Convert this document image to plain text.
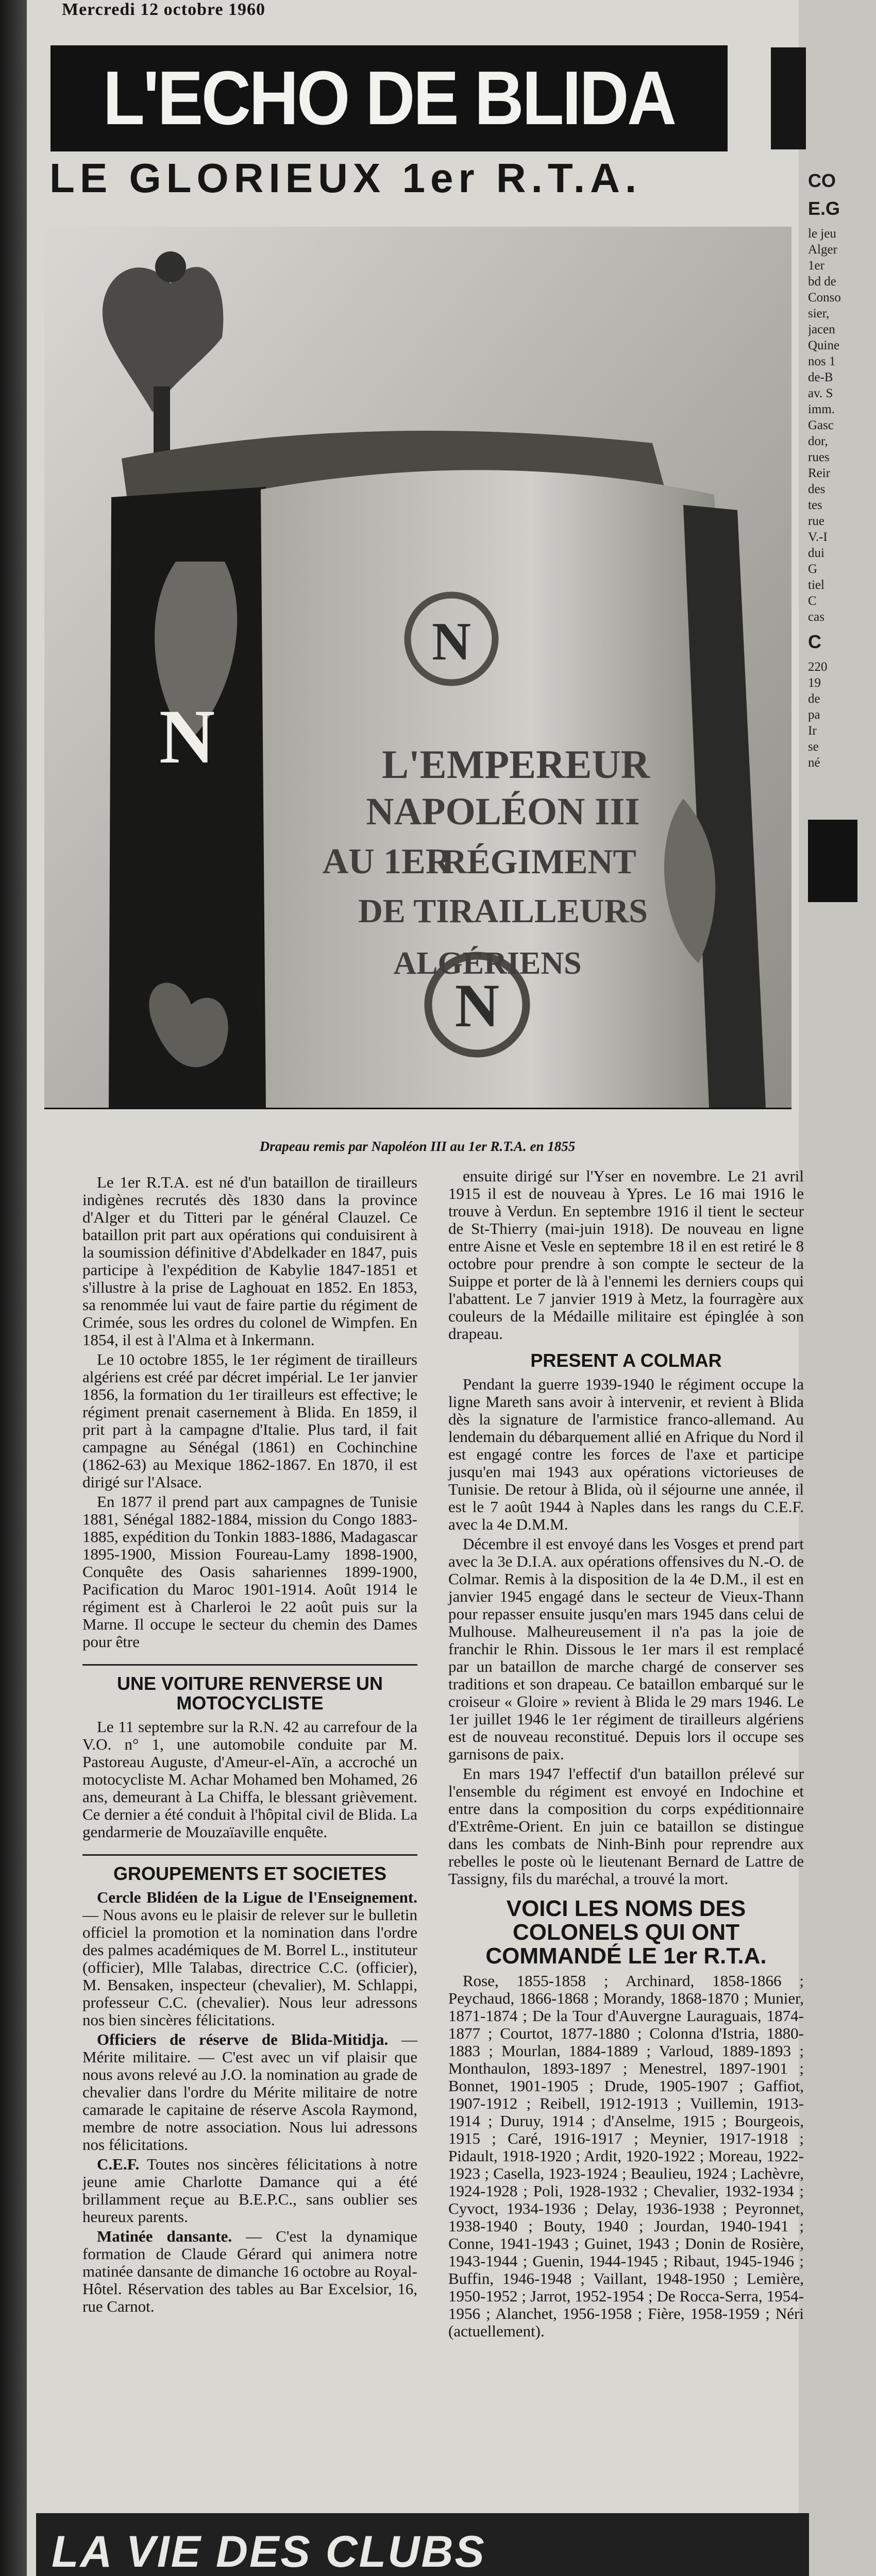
Mercredi 12 octobre 1960
L'ECHO DE BLIDA
LE GLORIEUX 1er R.T.A.
N
N
N
L'EMPEREUR
NAPOLÉON III
AU 1ER
RÉGIMENT
DE TIRAILLEURS
ALGÉRIENS
Drapeau remis par Napoléon III au 1er R.T.A. en 1855

Le 1er R.T.A. est né d'un bataillon de tirailleurs indigènes recrutés dès 1830 dans la province d'Alger et du Titteri par le général Clauzel. Ce bataillon prit part aux opérations qui conduisirent à la soumission définitive d'Abdelkader en 1847, puis participe à l'expédition de Kabylie 1847-1851 et s'illustre à la prise de Laghouat en 1852. En 1853, sa renommée lui vaut de faire partie du régiment de Crimée, sous les ordres du colonel de Wimpfen. En 1854, il est à l'Alma et à Inkermann.

Le 10 octobre 1855, le 1er régiment de tirailleurs algériens est créé par décret impérial. Le 1er janvier 1856, la formation du 1er tirailleurs est effective; le régiment prenait casernement à Blida. En 1859, il prit part à la campagne d'Italie. Plus tard, il fait campagne au Sénégal (1861) en Cochinchine (1862-63) au Mexique 1862-1867. En 1870, il est dirigé sur l'Alsace.

En 1877 il prend part aux campagnes de Tunisie 1881, Sénégal 1882-1884, mission du Congo 1883-1885, expédition du Tonkin 1883-1886, Madagascar 1895-1900, Mission Foureau-Lamy 1898-1900, Conquête des Oasis sahariennes 1899-1900, Pacification du Maroc 1901-1914. Août 1914 le régiment est à Charleroi le 22 août puis sur la Marne. Il occupe le secteur du chemin des Dames pour être

UNE VOITURE RENVERSE UN MOTOCYCLISTE

Le 11 septembre sur la R.N. 42 au carrefour de la V.O. n° 1, une automobile conduite par M. Pastoreau Auguste, d'Ameur-el-Aïn, a accroché un motocycliste M. Achar Mohamed ben Mohamed, 26 ans, demeurant à La Chiffa, le blessant grièvement. Ce dernier a été conduit à l'hôpital civil de Blida. La gendarmerie de Mouzaïaville enquête.

GROUPEMENTS ET SOCIETES

Cercle Blidéen de la Ligue de l'Enseignement. — Nous avons eu le plaisir de relever sur le bulletin officiel la promotion et la nomination dans l'ordre des palmes académiques de M. Borrel L., instituteur (officier), Mlle Talabas, directrice C.C. (officier), M. Bensaken, inspecteur (chevalier), M. Schlappi, professeur C.C. (chevalier). Nous leur adressons nos bien sincères félicitations.

Officiers de réserve de Blida-Mitidja. — Mérite militaire. — C'est avec un vif plaisir que nous avons relevé au J.O. la nomination au grade de chevalier dans l'ordre du Mérite militaire de notre camarade le capitaine de réserve Ascola Raymond, membre de notre association. Nous lui adressons nos félicitations.

C.E.F. Toutes nos sincères félicitations à notre jeune amie Charlotte Damance qui a été brillamment reçue au B.E.P.C., sans oublier ses heureux parents.

Matinée dansante. — C'est la dynamique formation de Claude Gérard qui animera notre matinée dansante de dimanche 16 octobre au Royal-Hôtel. Réservation des tables au Bar Excelsior, 16, rue Carnot.

ensuite dirigé sur l'Yser en novembre. Le 21 avril 1915 il est de nouveau à Ypres. Le 16 mai 1916 le trouve à Verdun. En septembre 1916 il tient le secteur de St-Thierry (mai-juin 1918). De nouveau en ligne entre Aisne et Vesle en septembre 18 il en est retiré le 8 octobre pour prendre à son compte le secteur de la Suippe et porter de là à l'ennemi les derniers coups qui l'abattent. Le 7 janvier 1919 à Metz, la fourragère aux couleurs de la Médaille militaire est épinglée à son drapeau.

PRESENT A COLMAR

Pendant la guerre 1939-1940 le régiment occupe la ligne Mareth sans avoir à intervenir, et revient à Blida dès la signature de l'armistice franco-allemand. Au lendemain du débarquement allié en Afrique du Nord il est engagé contre les forces de l'axe et participe jusqu'en mai 1943 aux opérations victorieuses de Tunisie. De retour à Blida, où il séjourne une année, il est le 7 août 1944 à Naples dans les rangs du C.E.F. avec la 4e D.M.M.

Décembre il est envoyé dans les Vosges et prend part avec la 3e D.I.A. aux opérations offensives du N.-O. de Colmar. Remis à la disposition de la 4e D.M., il est en janvier 1945 engagé dans le secteur de Vieux-Thann pour repasser ensuite jusqu'en mars 1945 dans celui de Mulhouse. Malheureusement il n'a pas la joie de franchir le Rhin. Dissous le 1er mars il est remplacé par un bataillon de marche chargé de conserver ses traditions et son drapeau. Ce bataillon embarqué sur le croiseur « Gloire » revient à Blida le 29 mars 1946. Le 1er juillet 1946 le 1er régiment de tirailleurs algériens est de nouveau reconstitué. Depuis lors il occupe ses garnisons de paix.

En mars 1947 l'effectif d'un bataillon prélevé sur l'ensemble du régiment est envoyé en Indochine et entre dans la composition du corps expéditionnaire d'Extrême-Orient. En juin ce bataillon se distingue dans les combats de Ninh-Binh pour reprendre aux rebelles le poste où le lieutenant Bernard de Lattre de Tassigny, fils du maréchal, a trouvé la mort.

VOICI LES NOMS DES COLONELS QUI ONT COMMANDÉ LE 1er R.T.A.

Rose, 1855-1858 ; Archinard, 1858-1866 ; Peychaud, 1866-1868 ; Morandy, 1868-1870 ; Munier, 1871-1874 ; De la Tour d'Auvergne Lauraguais, 1874-1877 ; Courtot, 1877-1880 ; Colonna d'Istria, 1880-1883 ; Mourlan, 1884-1889 ; Varloud, 1889-1893 ; Monthaulon, 1893-1897 ; Menestrel, 1897-1901 ; Bonnet, 1901-1905 ; Drude, 1905-1907 ; Gaffiot, 1907-1912 ; Reibell, 1912-1913 ; Vuillemin, 1913-1914 ; Duruy, 1914 ; d'Anselme, 1915 ; Bourgeois, 1915 ; Caré, 1916-1917 ; Meynier, 1917-1918 ; Pidault, 1918-1920 ; Ardit, 1920-1922 ; Moreau, 1922-1923 ; Casella, 1923-1924 ; Beaulieu, 1924 ; Lachèvre, 1924-1928 ; Poli, 1928-1932 ; Chevalier, 1932-1934 ; Cyvoct, 1934-1936 ; Delay, 1936-1938 ; Peyronnet, 1938-1940 ; Bouty, 1940 ; Jourdan, 1940-1941 ; Conne, 1941-1943 ; Guinet, 1943 ; Donin de Rosière, 1943-1944 ; Guenin, 1944-1945 ; Ribaut, 1945-1946 ; Buffin, 1946-1948 ; Vaillant, 1948-1950 ; Lemière, 1950-1952 ; Jarrot, 1952-1954 ; De Rocca-Serra, 1954-1956 ; Alanchet, 1956-1958 ; Fière, 1958-1959 ; Néri (actuellement).

CO
E.G
le jeu
Alger
1er
bd de
Conso
sier,
jacen
Quine
nos 1
de-B
av. S
imm.
Gasc
dor,
rues
Reir
des
tes
rue
V.-I
dui
G
tiel
C
cas
C
220
19
de
pa
Ir
se
né
LA VIE DES CLUBS
